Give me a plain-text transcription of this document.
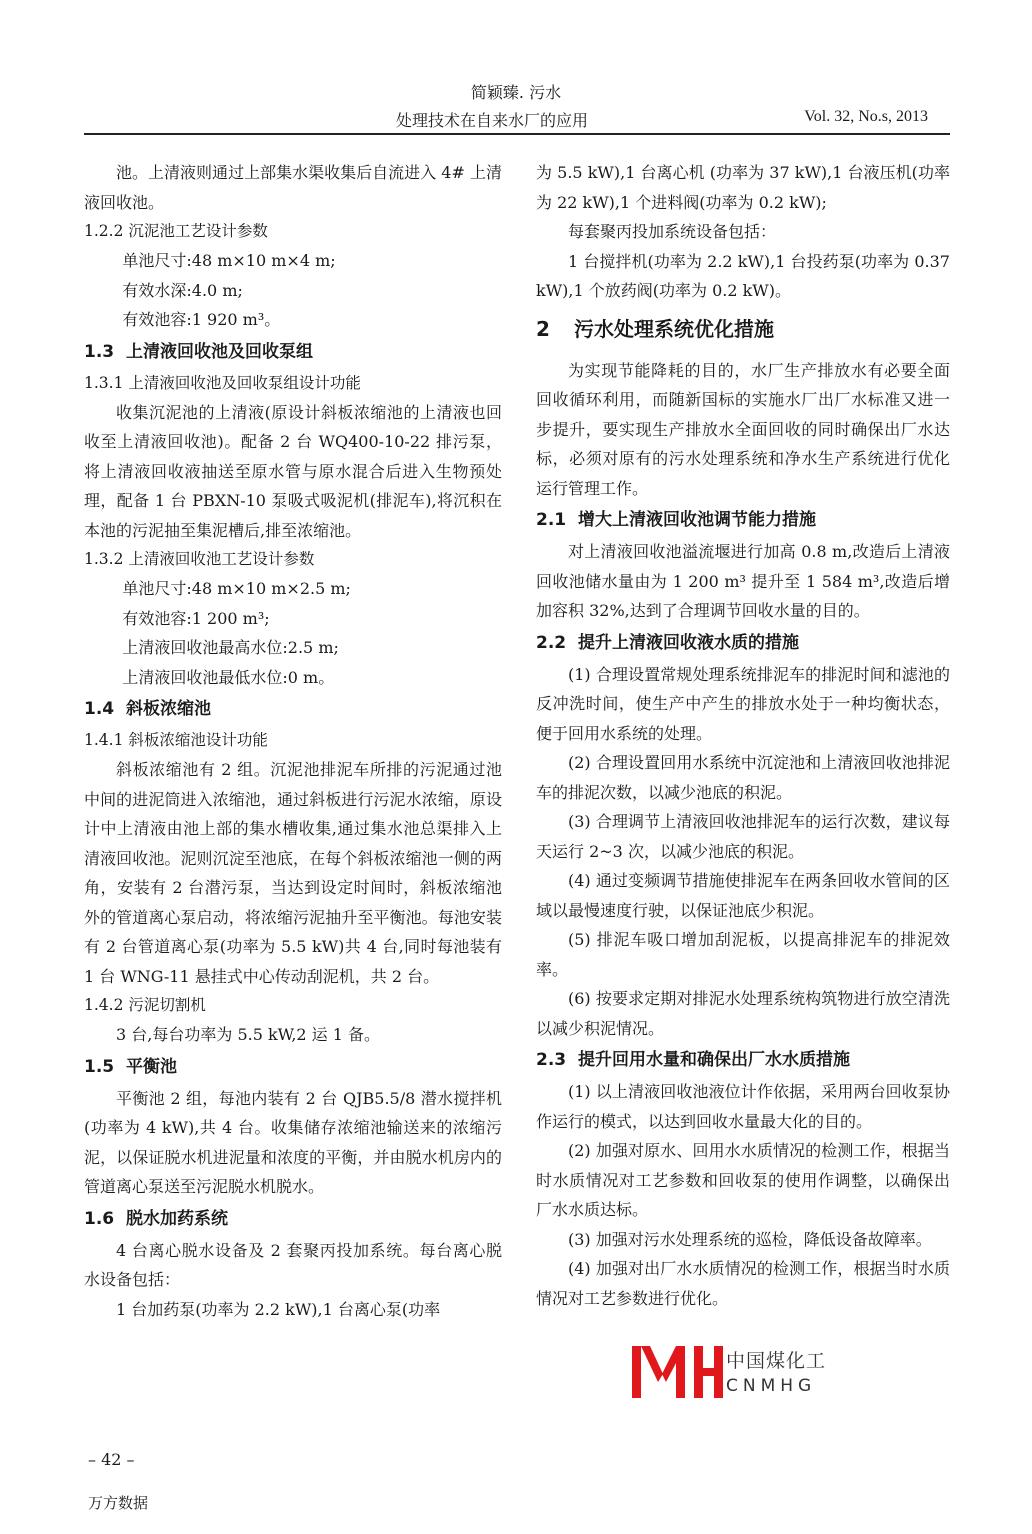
简颖臻. 污水
处理技术在自来水厂的应用	Vol. 32, No.s, 2013

池。上清液则通过上部集水渠收集后自流进入 4# 上清液回收池。

1.2.2 沉泥池工艺设计参数

单池尺寸:48 m×10 m×4 m;

有效水深:4.0 m;

有效池容:1 920 m³。

1.3 上清液回收池及回收泵组

1.3.1 上清液回收池及回收泵组设计功能

收集沉泥池的上清液(原设计斜板浓缩池的上清液也回收至上清液回收池)。配备 2 台 WQ400-10-22 排污泵，将上清液回收液抽送至原水管与原水混合后进入生物预处理，配备 1 台 PBXN-10 泵吸式吸泥机(排泥车),将沉积在本池的污泥抽至集泥槽后,排至浓缩池。

1.3.2 上清液回收池工艺设计参数

单池尺寸:48 m×10 m×2.5 m;

有效池容:1 200 m³;

上清液回收池最高水位:2.5 m;

上清液回收池最低水位:0 m。

1.4 斜板浓缩池

1.4.1 斜板浓缩池设计功能

斜板浓缩池有 2 组。沉泥池排泥车所排的污泥通过池中间的进泥筒进入浓缩池，通过斜板进行污泥水浓缩，原设计中上清液由池上部的集水槽收集,通过集水池总渠排入上清液回收池。泥则沉淀至池底，在每个斜板浓缩池一侧的两角，安装有 2 台潜污泵，当达到设定时间时，斜板浓缩池外的管道离心泵启动，将浓缩污泥抽升至平衡池。每池安装有 2 台管道离心泵(功率为 5.5 kW)共 4 台,同时每池装有 1 台 WNG-11 悬挂式中心传动刮泥机，共 2 台。

1.4.2 污泥切割机

3 台,每台功率为 5.5 kW,2 运 1 备。

1.5 平衡池

平衡池 2 组，每池内装有 2 台 QJB5.5/8 潜水搅拌机(功率为 4 kW),共 4 台。收集储存浓缩池输送来的浓缩污泥，以保证脱水机进泥量和浓度的平衡，并由脱水机房内的管道离心泵送至污泥脱水机脱水。

1.6 脱水加药系统

4 台离心脱水设备及 2 套聚丙投加系统。每台离心脱水设备包括：

1 台加药泵(功率为 2.2 kW),1 台离心泵(功率

为 5.5 kW),1 台离心机 (功率为 37 kW),1 台液压机(功率为 22 kW),1 个进料阀(功率为 0.2 kW);

每套聚丙投加系统设备包括：

1 台搅拌机(功率为 2.2 kW),1 台投药泵(功率为 0.37 kW),1 个放药阀(功率为 0.2 kW)。

2 污水处理系统优化措施

为实现节能降耗的目的，水厂生产排放水有必要全面回收循环利用，而随新国标的实施水厂出厂水标准又进一步提升，要实现生产排放水全面回收的同时确保出厂水达标，必须对原有的污水处理系统和净水生产系统进行优化运行管理工作。

2.1 增大上清液回收池调节能力措施

对上清液回收池溢流堰进行加高 0.8 m,改造后上清液回收池储水量由为 1 200 m³ 提升至 1 584 m³,改造后增加容积 32%,达到了合理调节回收水量的目的。

2.2 提升上清液回收液水质的措施

(1) 合理设置常规处理系统排泥车的排泥时间和滤池的反冲洗时间，使生产中产生的排放水处于一种均衡状态，便于回用水系统的处理。

(2) 合理设置回用水系统中沉淀池和上清液回收池排泥车的排泥次数，以减少池底的积泥。

(3) 合理调节上清液回收池排泥车的运行次数，建议每天运行 2~3 次，以减少池底的积泥。

(4) 通过变频调节措施使排泥车在两条回收水管间的区域以最慢速度行驶，以保证池底少积泥。

(5) 排泥车吸口增加刮泥板，以提高排泥车的排泥效率。

(6) 按要求定期对排泥水处理系统构筑物进行放空清洗以减少积泥情况。

2.3 提升回用水量和确保出厂水水质措施

(1) 以上清液回收池液位计作依据，采用两台回收泵协作运行的模式，以达到回收水量最大化的目的。

(2) 加强对原水、回用水水质情况的检测工作，根据当时水质情况对工艺参数和回收泵的使用作调整，以确保出厂水水质达标。

(3) 加强对污水处理系统的巡检，降低设备故障率。

(4) 加强对出厂水水质情况的检测工作，根据当时水质情况对工艺参数进行优化。

中国煤化工
CNMHG
– 42 –
万方数据
